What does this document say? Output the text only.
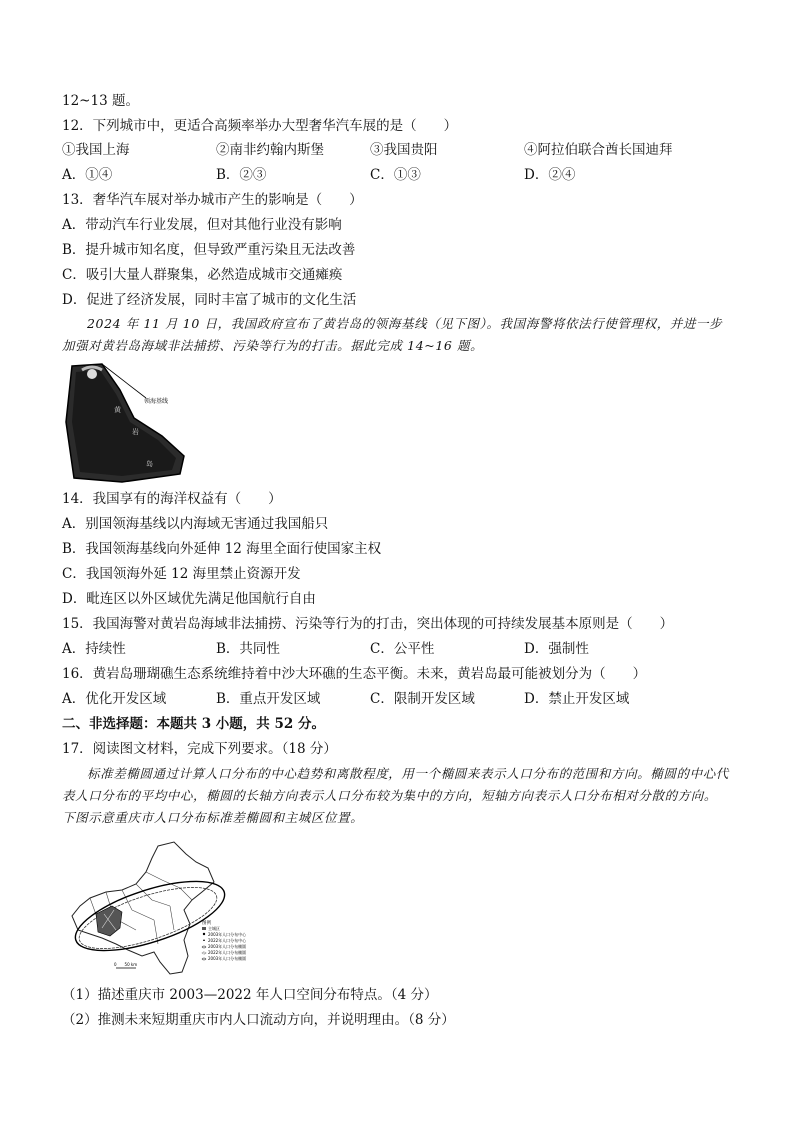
12~13 题。
12．下列城市中，更适合高频率举办大型奢华汽车展的是（　　）
①我国上海	②南非约翰内斯堡	③我国贵阳	④阿拉伯联合酋长国迪拜
A．①④	B．②③	C．①③	D．②④
13．奢华汽车展对举办城市产生的影响是（　　）
A．带动汽车行业发展，但对其他行业没有影响
B．提升城市知名度，但导致严重污染且无法改善
C．吸引大量人群聚集，必然造成城市交通瘫痪
D．促进了经济发展，同时丰富了城市的文化生活
2024 年 11 月 10 日，我国政府宣布了黄岩岛的领海基线（见下图）。我国海警将依法行使管理权，并进一步加强对黄岩岛海域非法捕捞、污染等行为的打击。据此完成 14~16 题。
领海基线
黄
岩
岛
14．我国享有的海洋权益有（　　）
A．别国领海基线以内海域无害通过我国船只
B．我国领海基线向外延伸 12 海里全面行使国家主权
C．我国领海外延 12 海里禁止资源开发
D．毗连区以外区域优先满足他国航行自由
15．我国海警对黄岩岛海域非法捕捞、污染等行为的打击，突出体现的可持续发展基本原则是（　　）
A．持续性	B．共同性	C．公平性	D．强制性
16．黄岩岛珊瑚礁生态系统维持着中沙大环礁的生态平衡。未来，黄岩岛最可能被划分为（　　）
A．优化开发区域	B．重点开发区域	C．限制开发区域	D．禁止开发区域
二、非选择题：本题共 3 小题，共 52 分。
17．阅读图文材料，完成下列要求。（18 分）
标准差椭圆通过计算人口分布的中心趋势和离散程度，用一个椭圆来表示人口分布的范围和方向。椭圆的中心代表人口分布的平均中心，椭圆的长轴方向表示人口分布较为集中的方向，短轴方向表示人口分布相对分散的方向。下图示意重庆市人口分布标准差椭圆和主城区位置。
图例
主城区
2003年人口分布中心
2022年人口分布中心
2003年人口分布椭圆
2022年人口分布椭圆
2003年人口分布椭圆
0　　50 km
（1）描述重庆市 2003—2022 年人口空间分布特点。（4 分）
（2）推测未来短期重庆市内人口流动方向，并说明理由。（8 分）
